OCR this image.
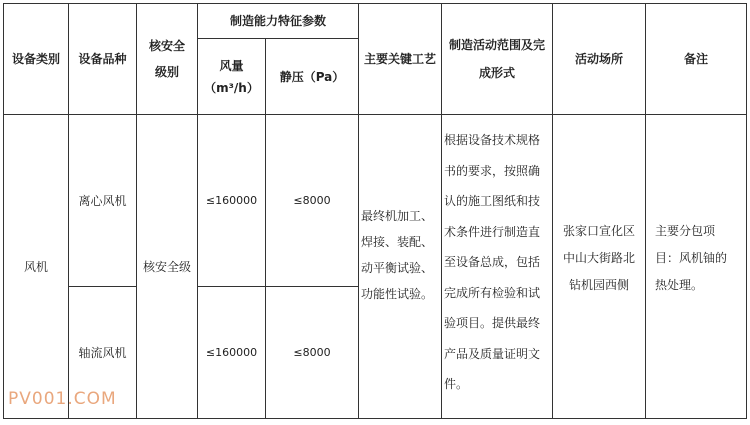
设备类别	设备品种
核安全
级别
制造能力特征参数
风量（m³/h）
静压（Pa）
主要关键工艺
制造活动范围及完
成形式
活动场所	备注
风机
离心风机
轴流风机
核安全级
≤160000
≤160000
≤8000
≤8000
最终机加工、
焊接、装配、
动平衡试验、
功能性试验。
根据设备技术规格
书的要求，按照确
认的施工图纸和技
术条件进行制造直
至设备总成，包括
完成所有检验和试
验项目。提供最终
产品及质量证明文
件。
张家口宣化区
中山大街路北
钻机园西侧
主要分包项
目：风机铀的
热处理。
PV001.COM
